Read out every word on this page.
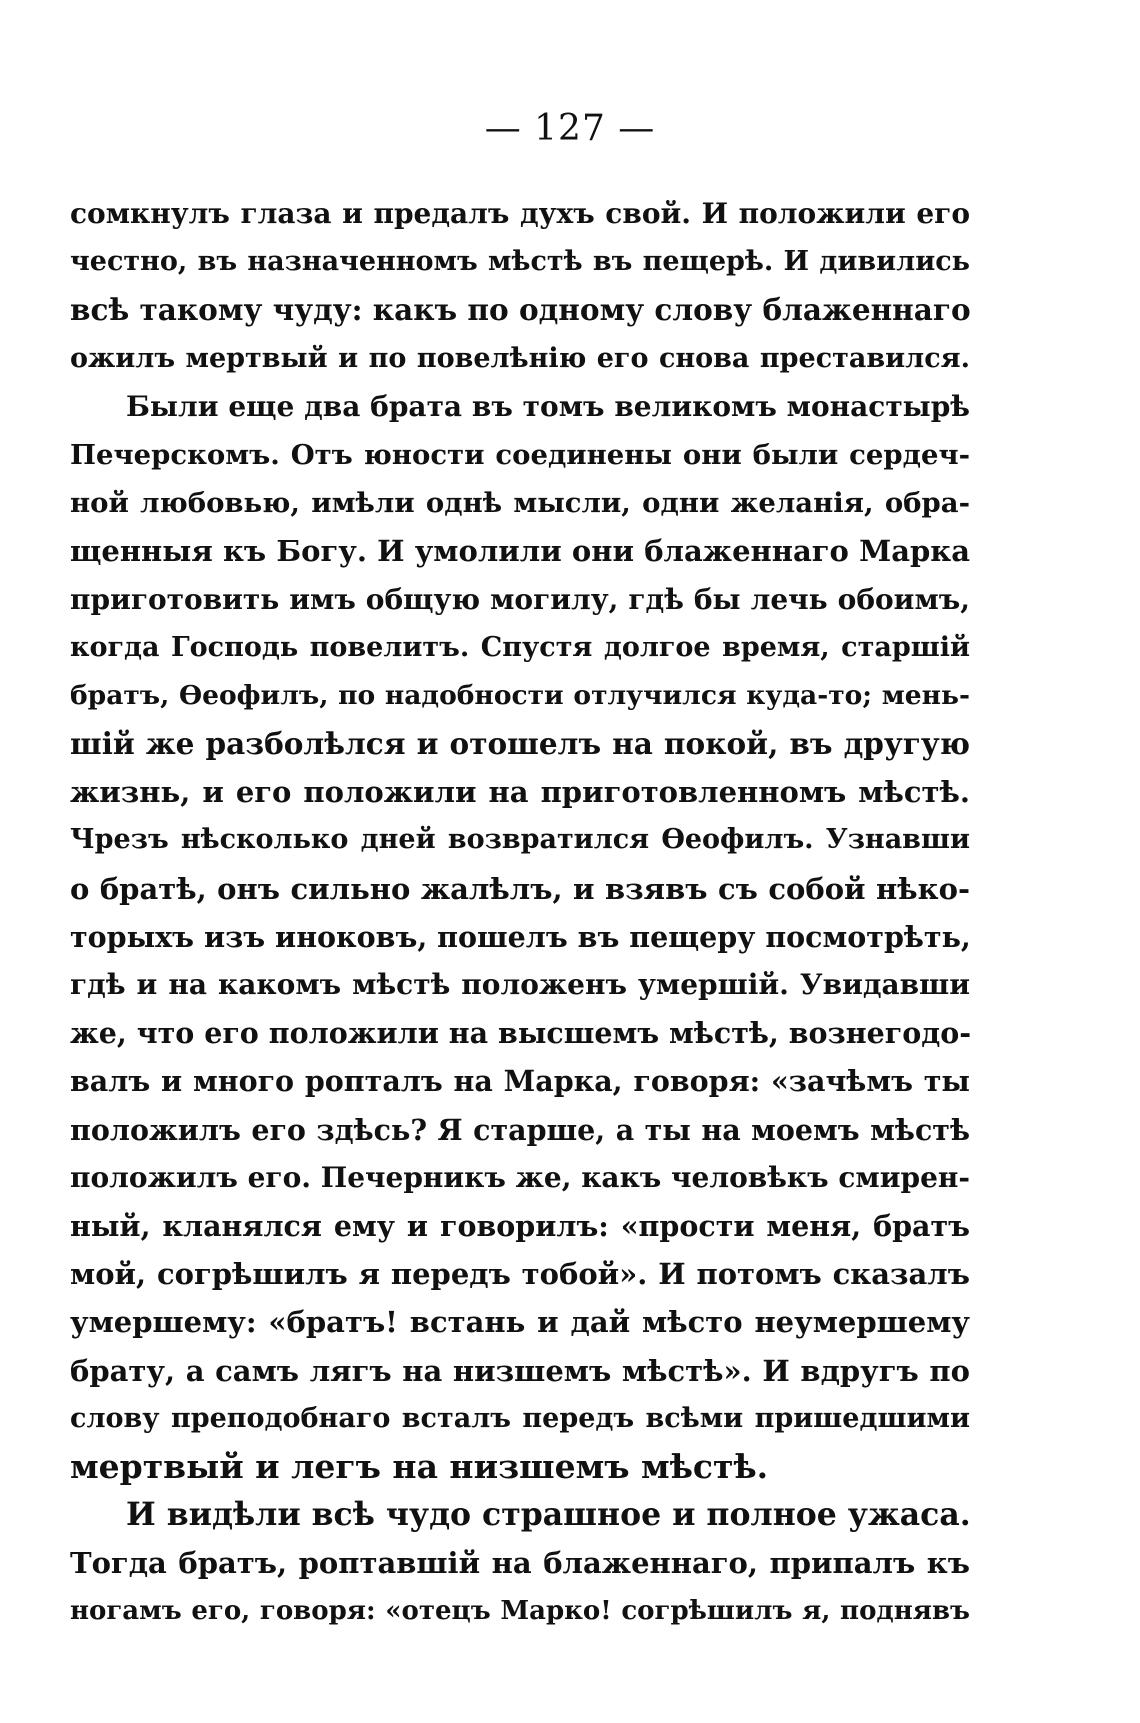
— 127 —
сомкнулъ глаза и предалъ духъ свой. И положили его
честно, въ назначенномъ мѣстѣ въ пещерѣ. И дивились
всѣ такому чуду: какъ по одному слову блаженнаго
ожилъ мертвый и по повелѣнію его снова преставился.
Были еще два брата въ томъ великомъ монастырѣ
Печерскомъ. Отъ юности соединены они были сердеч-
ной любовью, имѣли однѣ мысли, одни желанія, обра-
щенныя къ Богу. И умолили они блаженнаго Марка
приготовить имъ общую могилу, гдѣ бы лечь обоимъ,
когда Господь повелитъ. Спустя долгое время, старшій
братъ, Ѳеофилъ, по надобности отлучился куда-то; мень-
шій же разболѣлся и отошелъ на покой, въ другую
жизнь, и его положили на приготовленномъ мѣстѣ.
Чрезъ нѣсколько дней возвратился Ѳеофилъ. Узнавши
о братѣ, онъ сильно жалѣлъ, и взявъ съ собой нѣко-
торыхъ изъ иноковъ, пошелъ въ пещеру посмотрѣть,
гдѣ и на какомъ мѣстѣ положенъ умершій. Увидавши
же, что его положили на высшемъ мѣстѣ, вознегодо-
валъ и много роптaлъ на Марка, говоря: «зачѣмъ ты
положилъ его здѣсь? Я старше, а ты на моемъ мѣстѣ
положилъ его. Печерникъ же, какъ человѣкъ смирен-
ный, кланялся ему и говорилъ: «прости меня, братъ
мой, согрѣшилъ я передъ тобой». И потомъ сказалъ
умершему: «братъ! встань и дай мѣсто неумершему
брату, а самъ лягъ на низшемъ мѣстѣ». И вдругъ по
слову преподобнаго всталъ передъ всѣми пришедшими
мертвый и легъ на низшемъ мѣстѣ.
И видѣли всѣ чудо страшное и полное ужаса.
Тогда братъ, роптавшій на блаженнаго, припалъ къ
ногамъ его, говоря: «отецъ Марко! согрѣшилъ я, поднявъ
